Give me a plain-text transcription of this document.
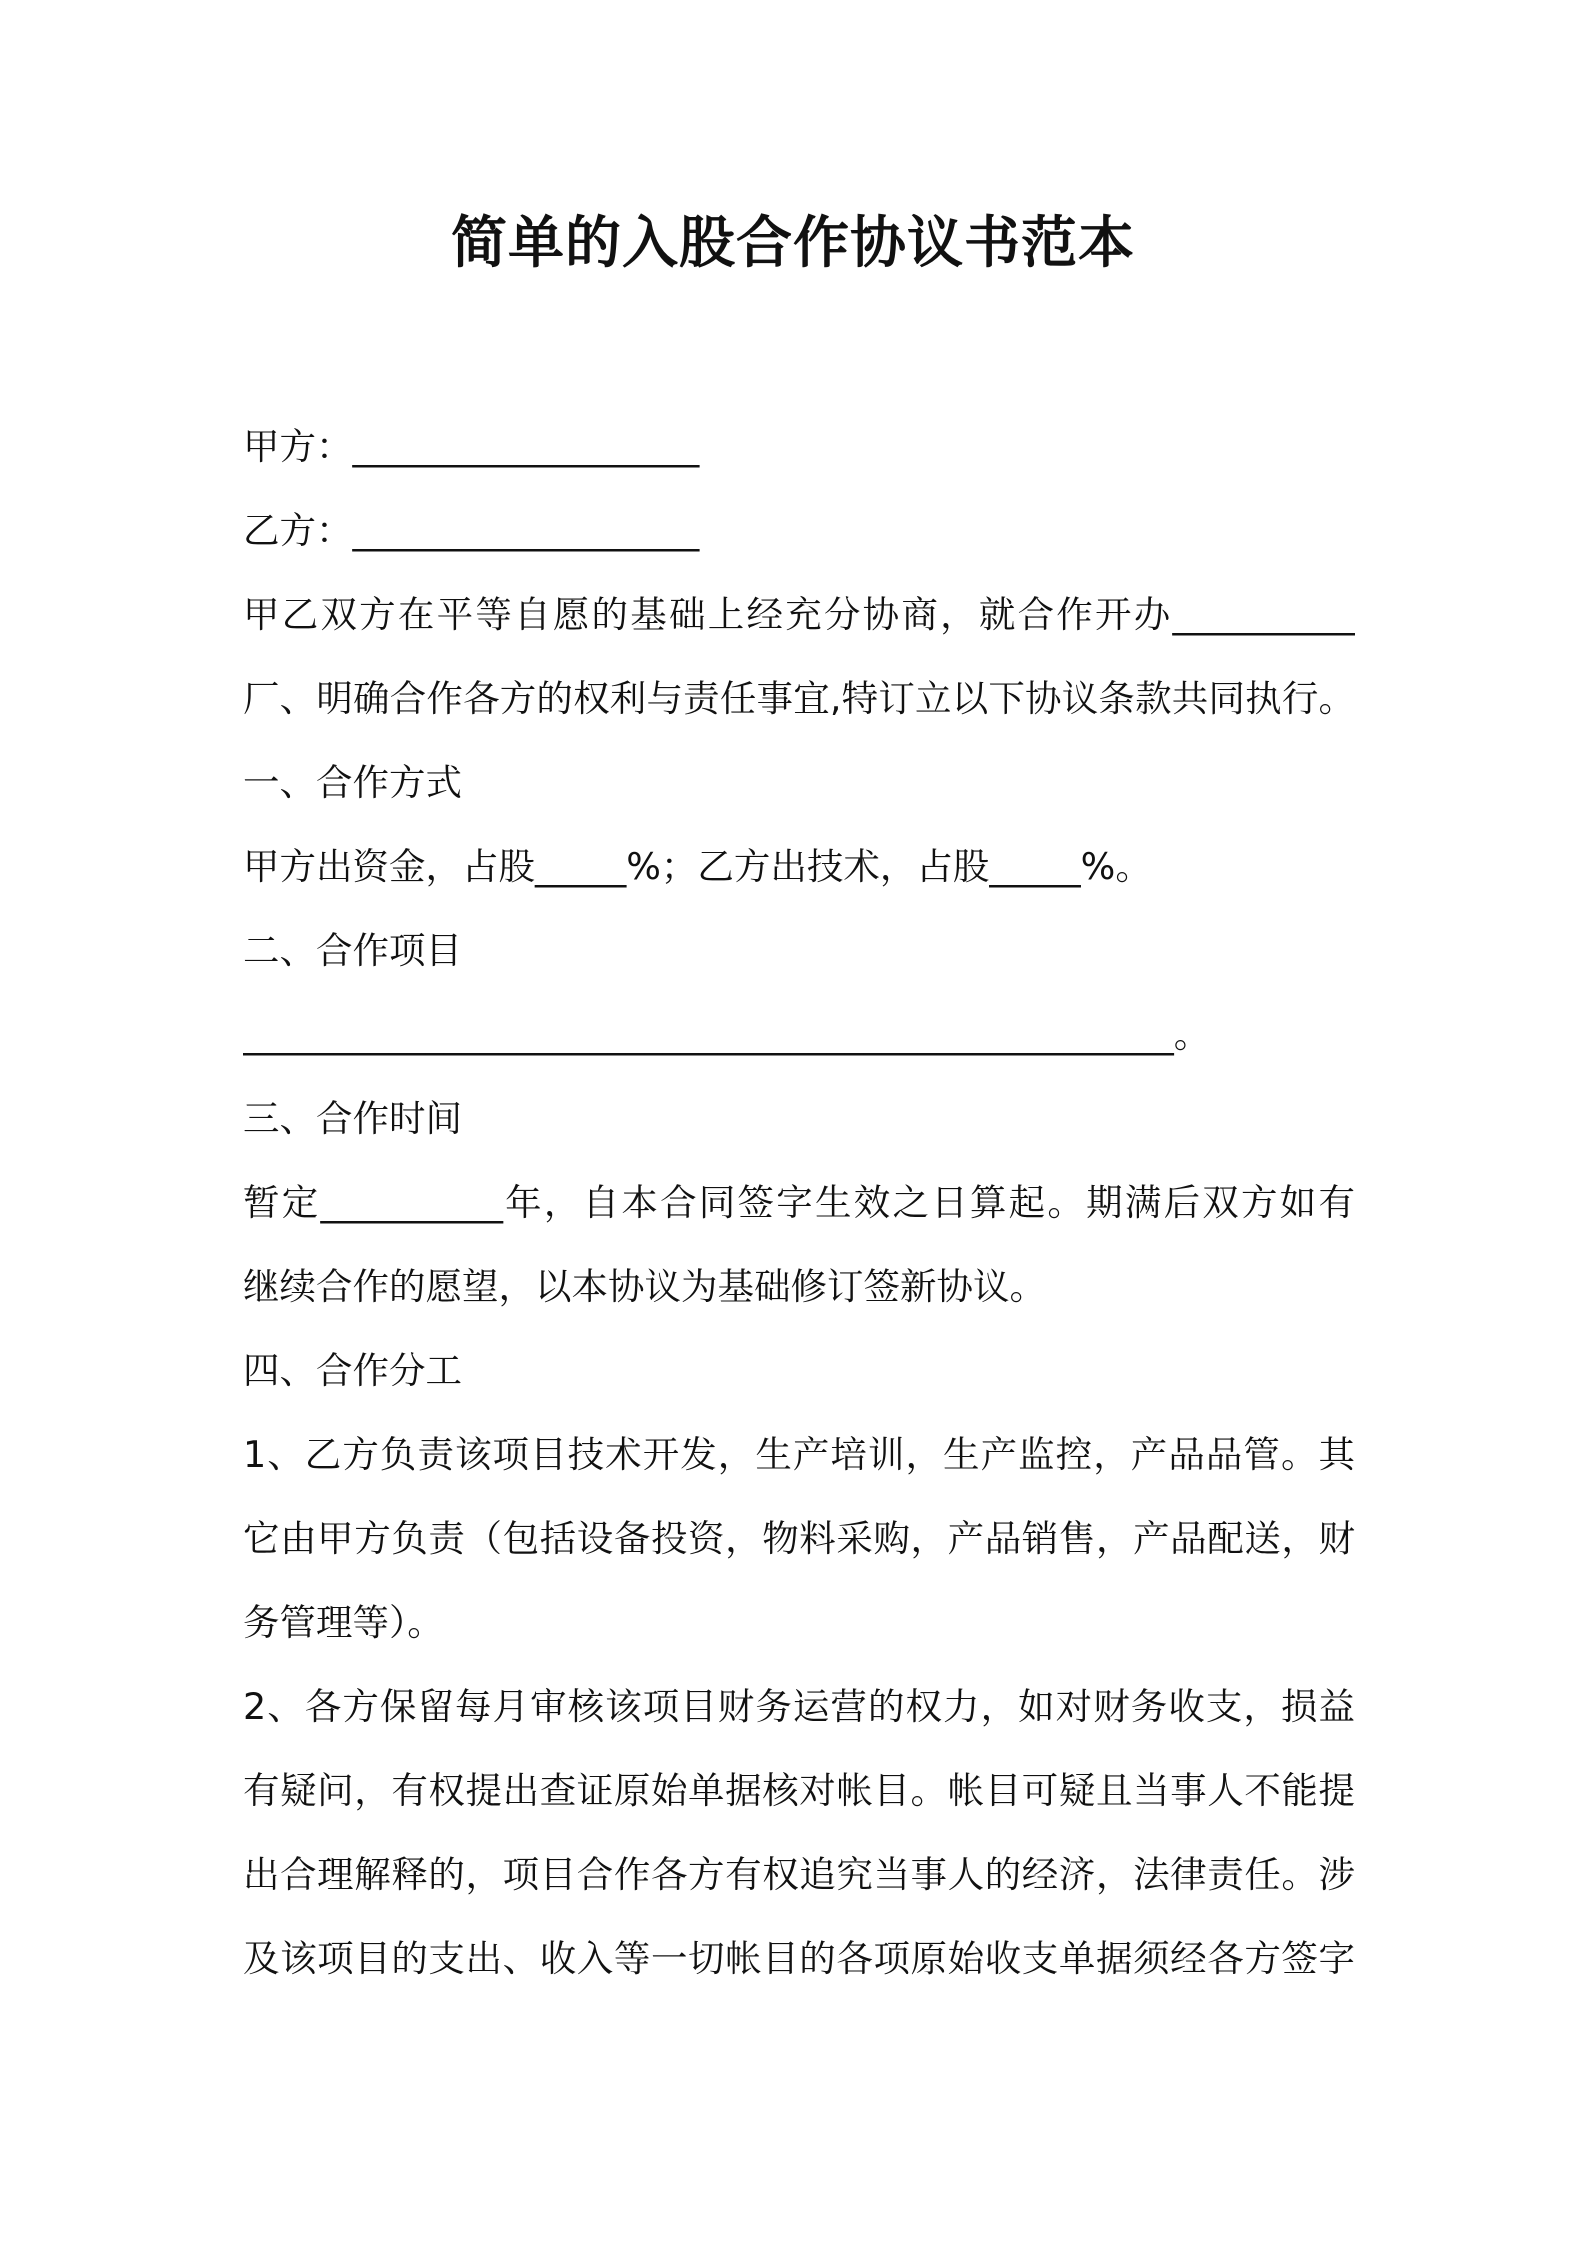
简单的入股合作协议书范本
甲方：___________________
乙方：___________________
甲乙双方在平等自愿的基础上经充分协商，就合作开办__________
厂、明确合作各方的权利与责任事宜,特订立以下协议条款共同执行。
一、合作方式
甲方出资金，占股_____%；乙方出技术，占股_____%。
二、合作项目
___________________________________________________。
三、合作时间
暂定__________年，自本合同签字生效之日算起。期满后双方如有
继续合作的愿望，以本协议为基础修订签新协议。
四、合作分工
1、乙方负责该项目技术开发，生产培训，生产监控，产品品管。其
它由甲方负责（包括设备投资，物料采购，产品销售，产品配送，财
务管理等）。
2、各方保留每月审核该项目财务运营的权力，如对财务收支，损益
有疑问，有权提出查证原始单据核对帐目。帐目可疑且当事人不能提
出合理解释的，项目合作各方有权追究当事人的经济，法律责任。涉
及该项目的支出、收入等一切帐目的各项原始收支单据须经各方签字
